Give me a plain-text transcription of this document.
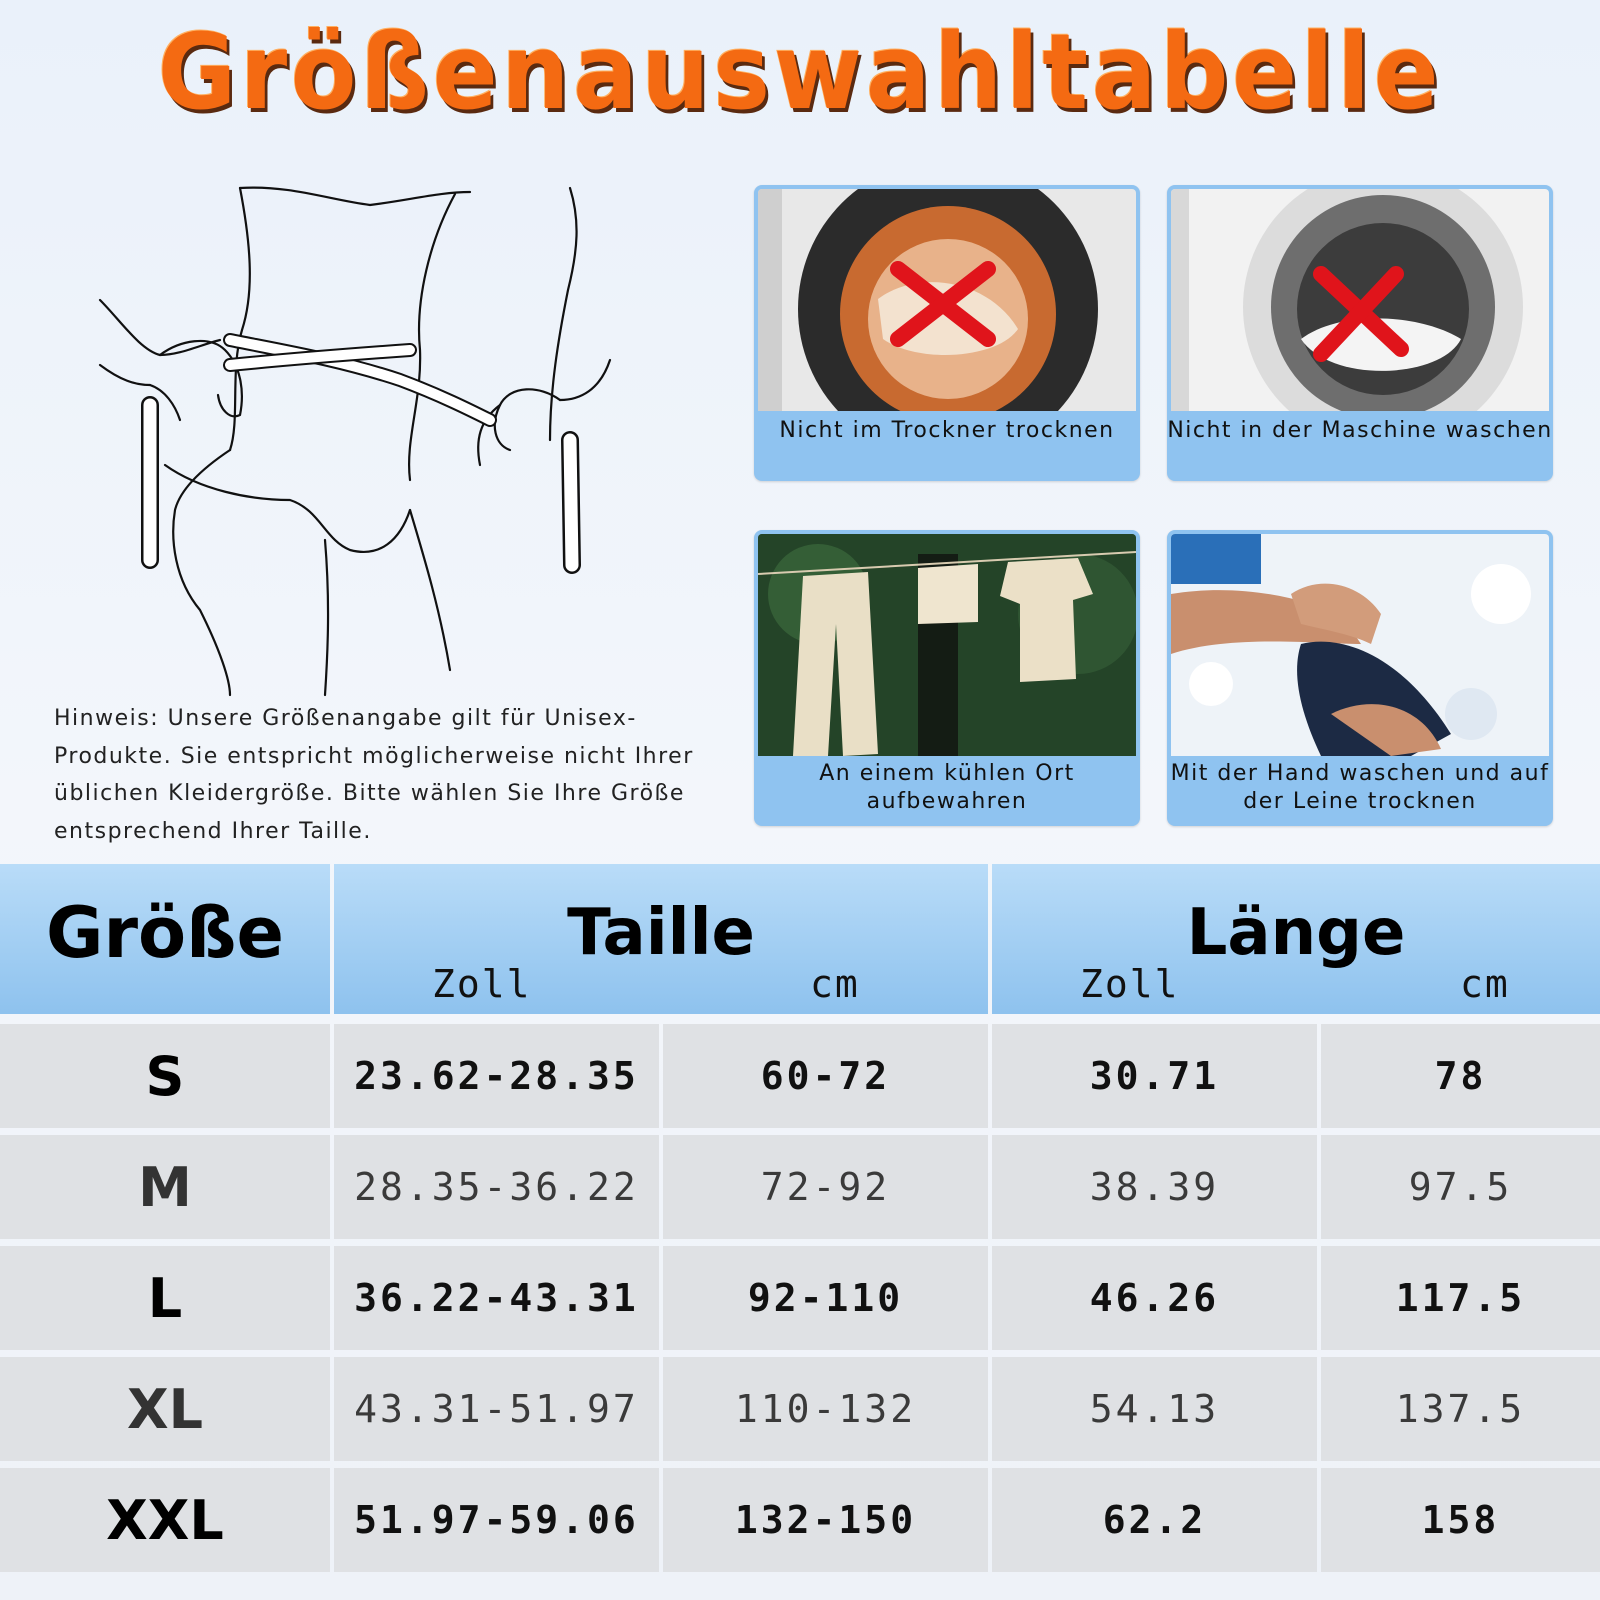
Größenauswahltabelle
Hinweis: Unsere Größenangabe gilt für Unisex-Produkte. Sie entspricht möglicherweise nicht Ihrer üblichen Kleidergröße. Bitte wählen Sie Ihre Größe entsprechend Ihrer Taille.
Nicht im Trockner trocknen	Nicht in der Maschine waschen
An einem kühlen Ort aufbewahren
Mit der Hand waschen und auf der Leine trocknen
Größe	Taille
Zoll	cm
Länge
Zoll	cm
S	23.62-28.35	60-72	30.71	78
M	28.35-36.22	72-92	38.39	97.5
L	36.22-43.31	92-110	46.26	117.5
XL	43.31-51.97	110-132	54.13	137.5
XXL	51.97-59.06	132-150	62.2	158
